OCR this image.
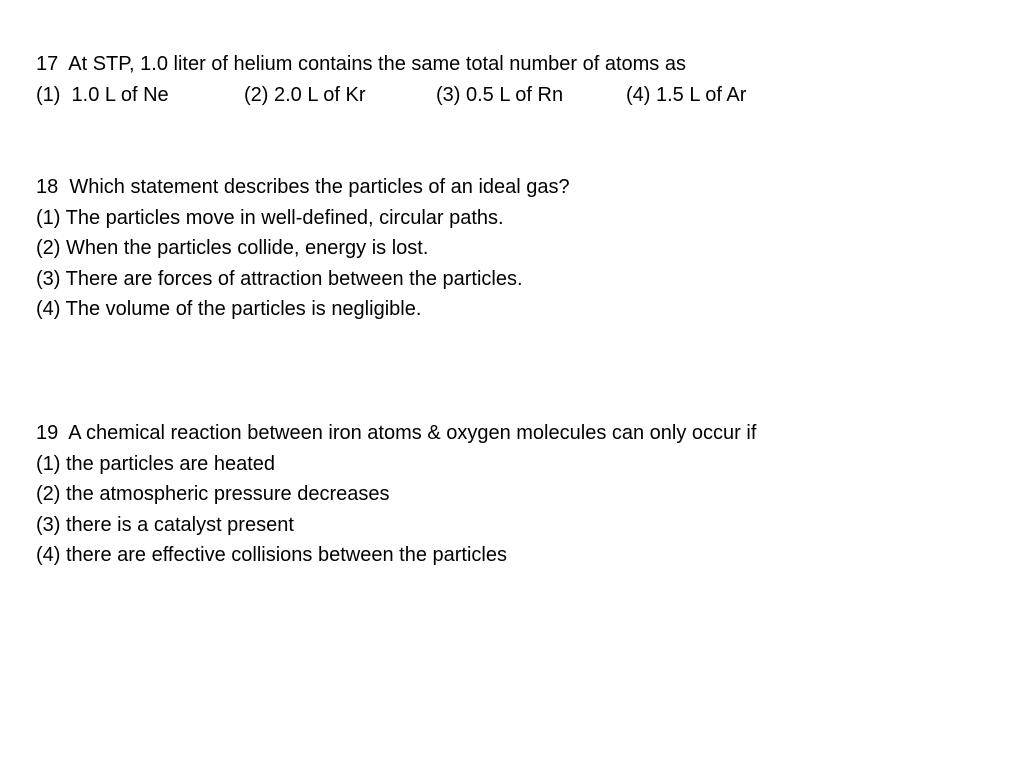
17  At STP, 1.0 liter of helium contains the same total number of atoms as

(1)  1.0 L of Ne	(2) 2.0 L of Kr	(3) 0.5 L of Rn	(4) 1.5 L of Ar

18  Which statement describes the particles of an ideal gas?

(1) The particles move in well-defined, circular paths.

(2) When the particles collide, energy is lost.

(3) There are forces of attraction between the particles.

(4) The volume of the particles is negligible.

19  A chemical reaction between iron atoms & oxygen molecules can only occur if

(1) the particles are heated

(2) the atmospheric pressure decreases

(3) there is a catalyst present

(4) there are effective collisions between the particles
